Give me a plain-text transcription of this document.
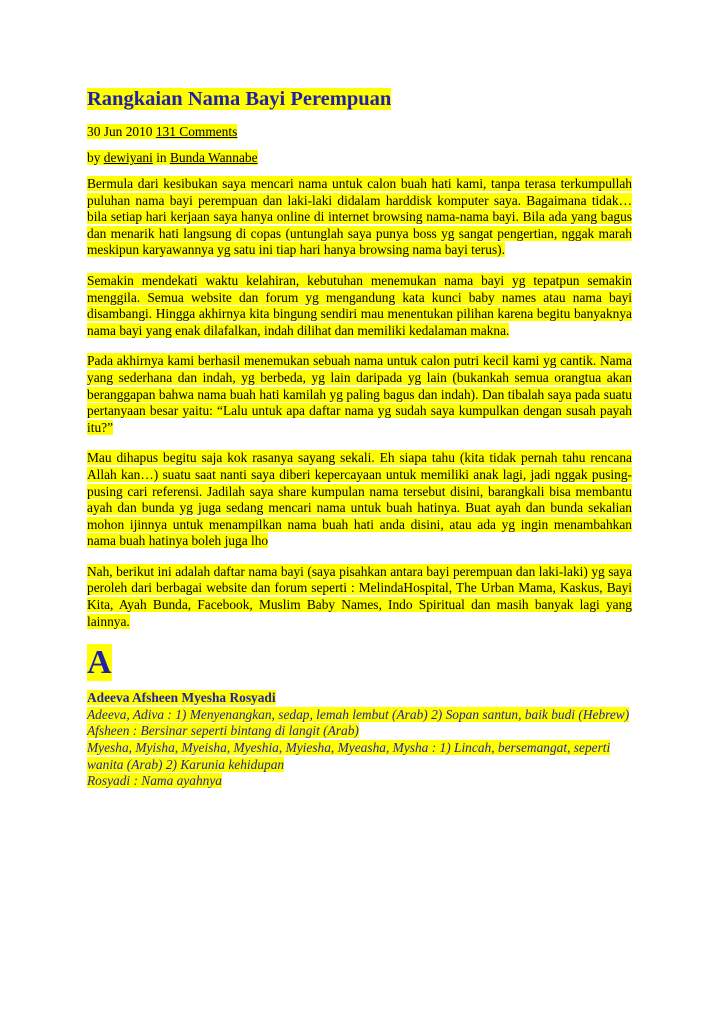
Rangkaian Nama Bayi Perempuan
30 Jun 2010 131 Comments
by dewiyani in Bunda Wannabe

Bermula dari kesibukan saya mencari nama untuk calon buah hati kami, tanpa terasa terkumpullah puluhan nama bayi perempuan dan laki-laki didalam harddisk komputer saya. Bagaimana tidak… bila setiap hari kerjaan saya hanya online di internet browsing nama-nama bayi. Bila ada yang bagus dan menarik hati langsung di copas (untunglah saya punya boss yg sangat pengertian, nggak marah meskipun karyawannya yg satu ini tiap hari hanya browsing nama bayi terus).

Semakin mendekati waktu kelahiran, kebutuhan menemukan nama bayi yg tepatpun semakin menggila. Semua website dan forum yg mengandung kata kunci baby names atau nama bayi disambangi. Hingga akhirnya kita bingung sendiri mau menentukan pilihan karena begitu banyaknya nama bayi yang enak dilafalkan, indah dilihat dan memiliki kedalaman makna.

Pada akhirnya kami berhasil menemukan sebuah nama untuk calon putri kecil kami yg cantik. Nama yang sederhana dan indah, yg berbeda, yg lain daripada yg lain (bukankah semua orangtua akan beranggapan bahwa nama buah hati kamilah yg paling bagus dan indah). Dan tibalah saya pada suatu pertanyaan besar yaitu: “Lalu untuk apa daftar nama yg sudah saya kumpulkan dengan susah payah itu?”

Mau dihapus begitu saja kok rasanya sayang sekali. Eh siapa tahu (kita tidak pernah tahu rencana Allah kan…) suatu saat nanti saya diberi kepercayaan untuk memiliki anak lagi, jadi nggak pusing-pusing cari referensi. Jadilah saya share kumpulan nama tersebut disini, barangkali bisa membantu ayah dan bunda yg juga sedang mencari nama untuk buah hatinya. Buat ayah dan bunda sekalian mohon ijinnya untuk menampilkan nama buah hati anda disini, atau ada yg ingin menambahkan nama buah hatinya boleh juga lho

Nah, berikut ini adalah daftar nama bayi (saya pisahkan antara bayi perempuan dan laki-laki) yg saya peroleh dari berbagai website dan forum seperti : MelindaHospital, The Urban Mama, Kaskus, Bayi Kita, Ayah Bunda, Facebook, Muslim Baby Names, Indo Spiritual dan masih banyak lagi yang lainnya.

A
Adeeva Afsheen Myesha Rosyadi
Adeeva, Adiva : 1) Menyenangkan, sedap, lemah lembut (Arab) 2) Sopan santun, baik budi (Hebrew)
Afsheen : Bersinar seperti bintang di langit (Arab)
Myesha, Myisha, Myeisha, Myeshia, Myiesha, Myeasha, Mysha : 1) Lincah, bersemangat, seperti wanita (Arab) 2) Karunia kehidupan
Rosyadi : Nama ayahnya
